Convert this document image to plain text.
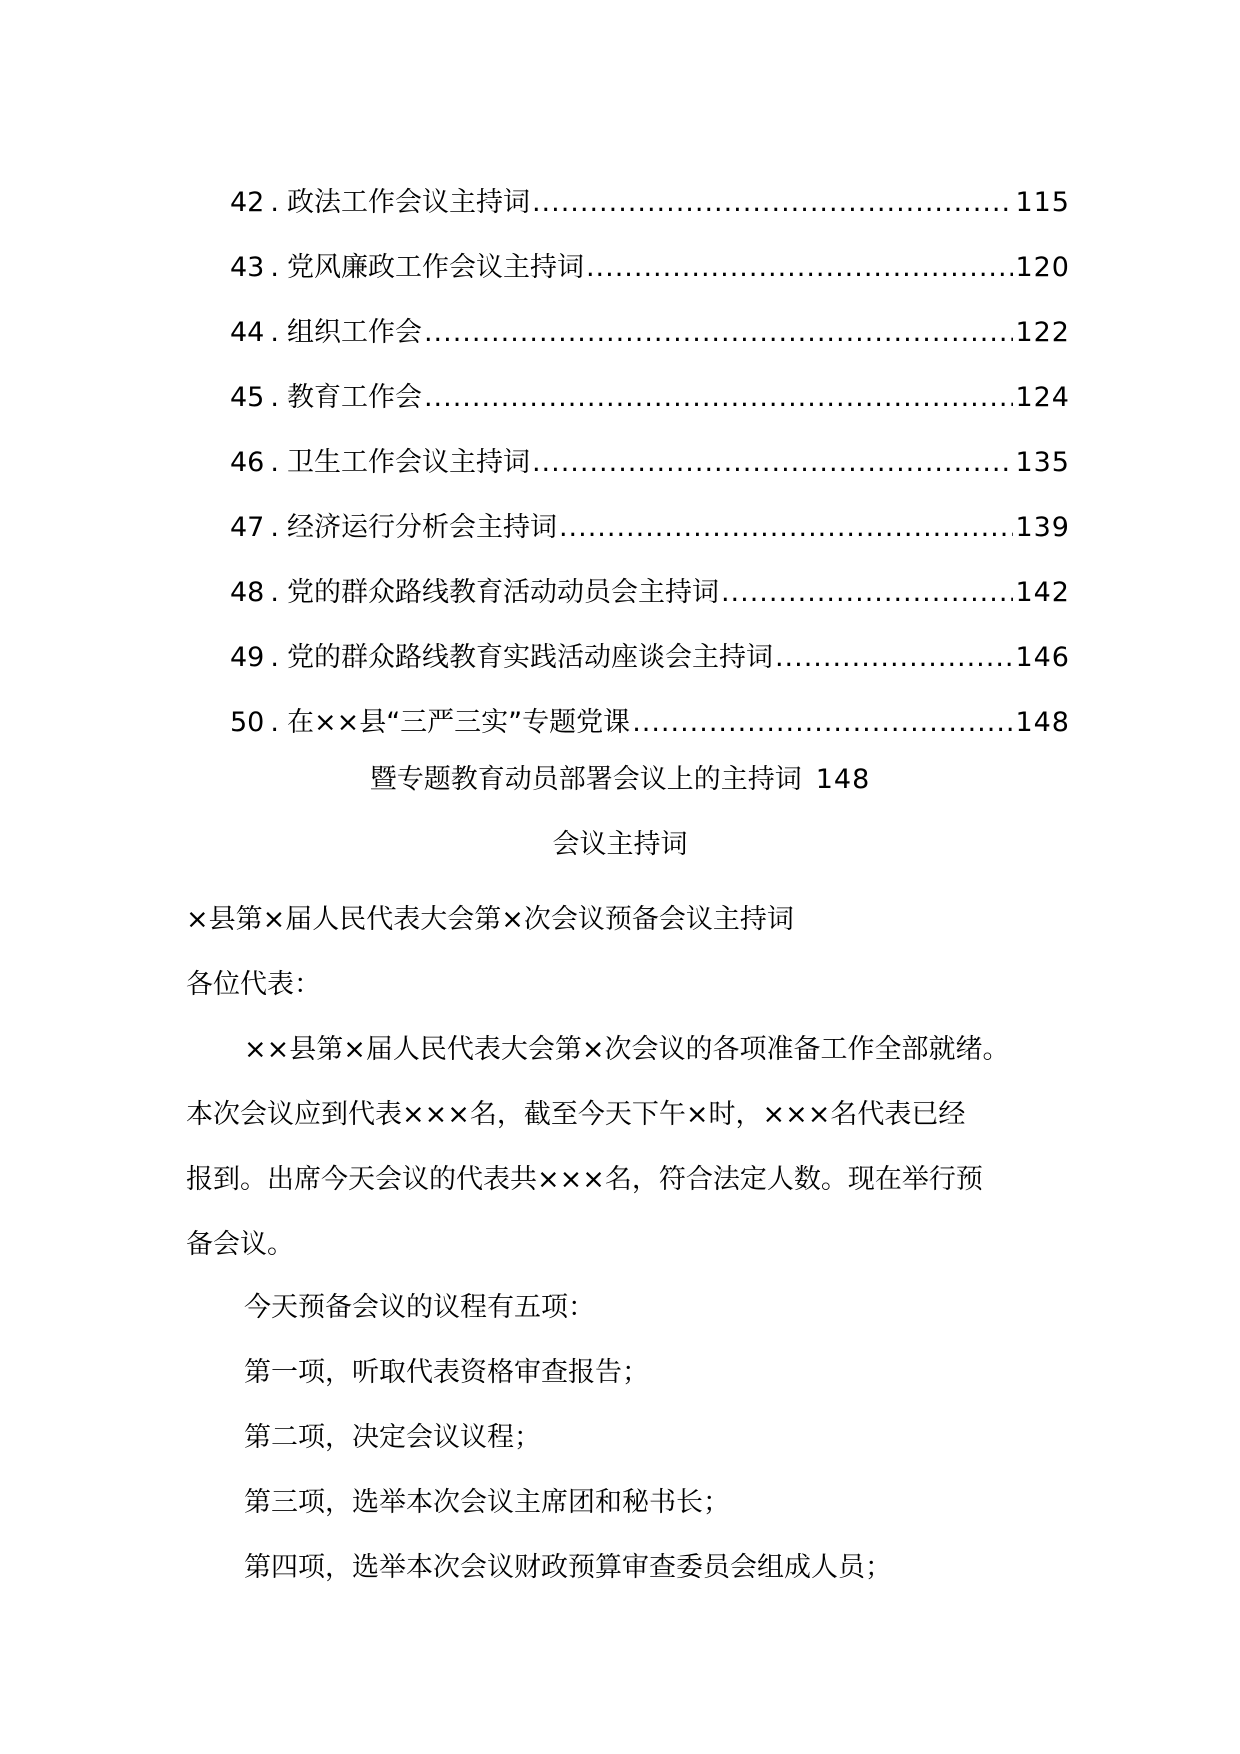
42 . 政法工作会议主持词 .....	115
43 . 党风廉政工作会议主持词 .....	120
44 . 组织工作会 .....	122
45 . 教育工作会 .....	124
46 . 卫生工作会议主持词 .....	135
47 . 经济运行分析会主持词 .....	139
48 . 党的群众路线教育活动动员会主持词 .....	142
49 . 党的群众路线教育实践活动座谈会主持词 .....	146
50 . 在××县“三严三实”专题党课 .....	148
暨专题教育动员部署会议上的主持词 148
会议主持词
×县第×届人民代表大会第×次会议预备会议主持词
各位代表：
××县第×届人民代表大会第×次会议的各项准备工作全部就绪。
本次会议应到代表×××名，截至今天下午×时，×××名代表已经
报到。出席今天会议的代表共×××名，符合法定人数。现在举行预
备会议。
今天预备会议的议程有五项：
第一项，听取代表资格审查报告；
第二项，决定会议议程；
第三项，选举本次会议主席团和秘书长；
第四项，选举本次会议财政预算审查委员会组成人员；
